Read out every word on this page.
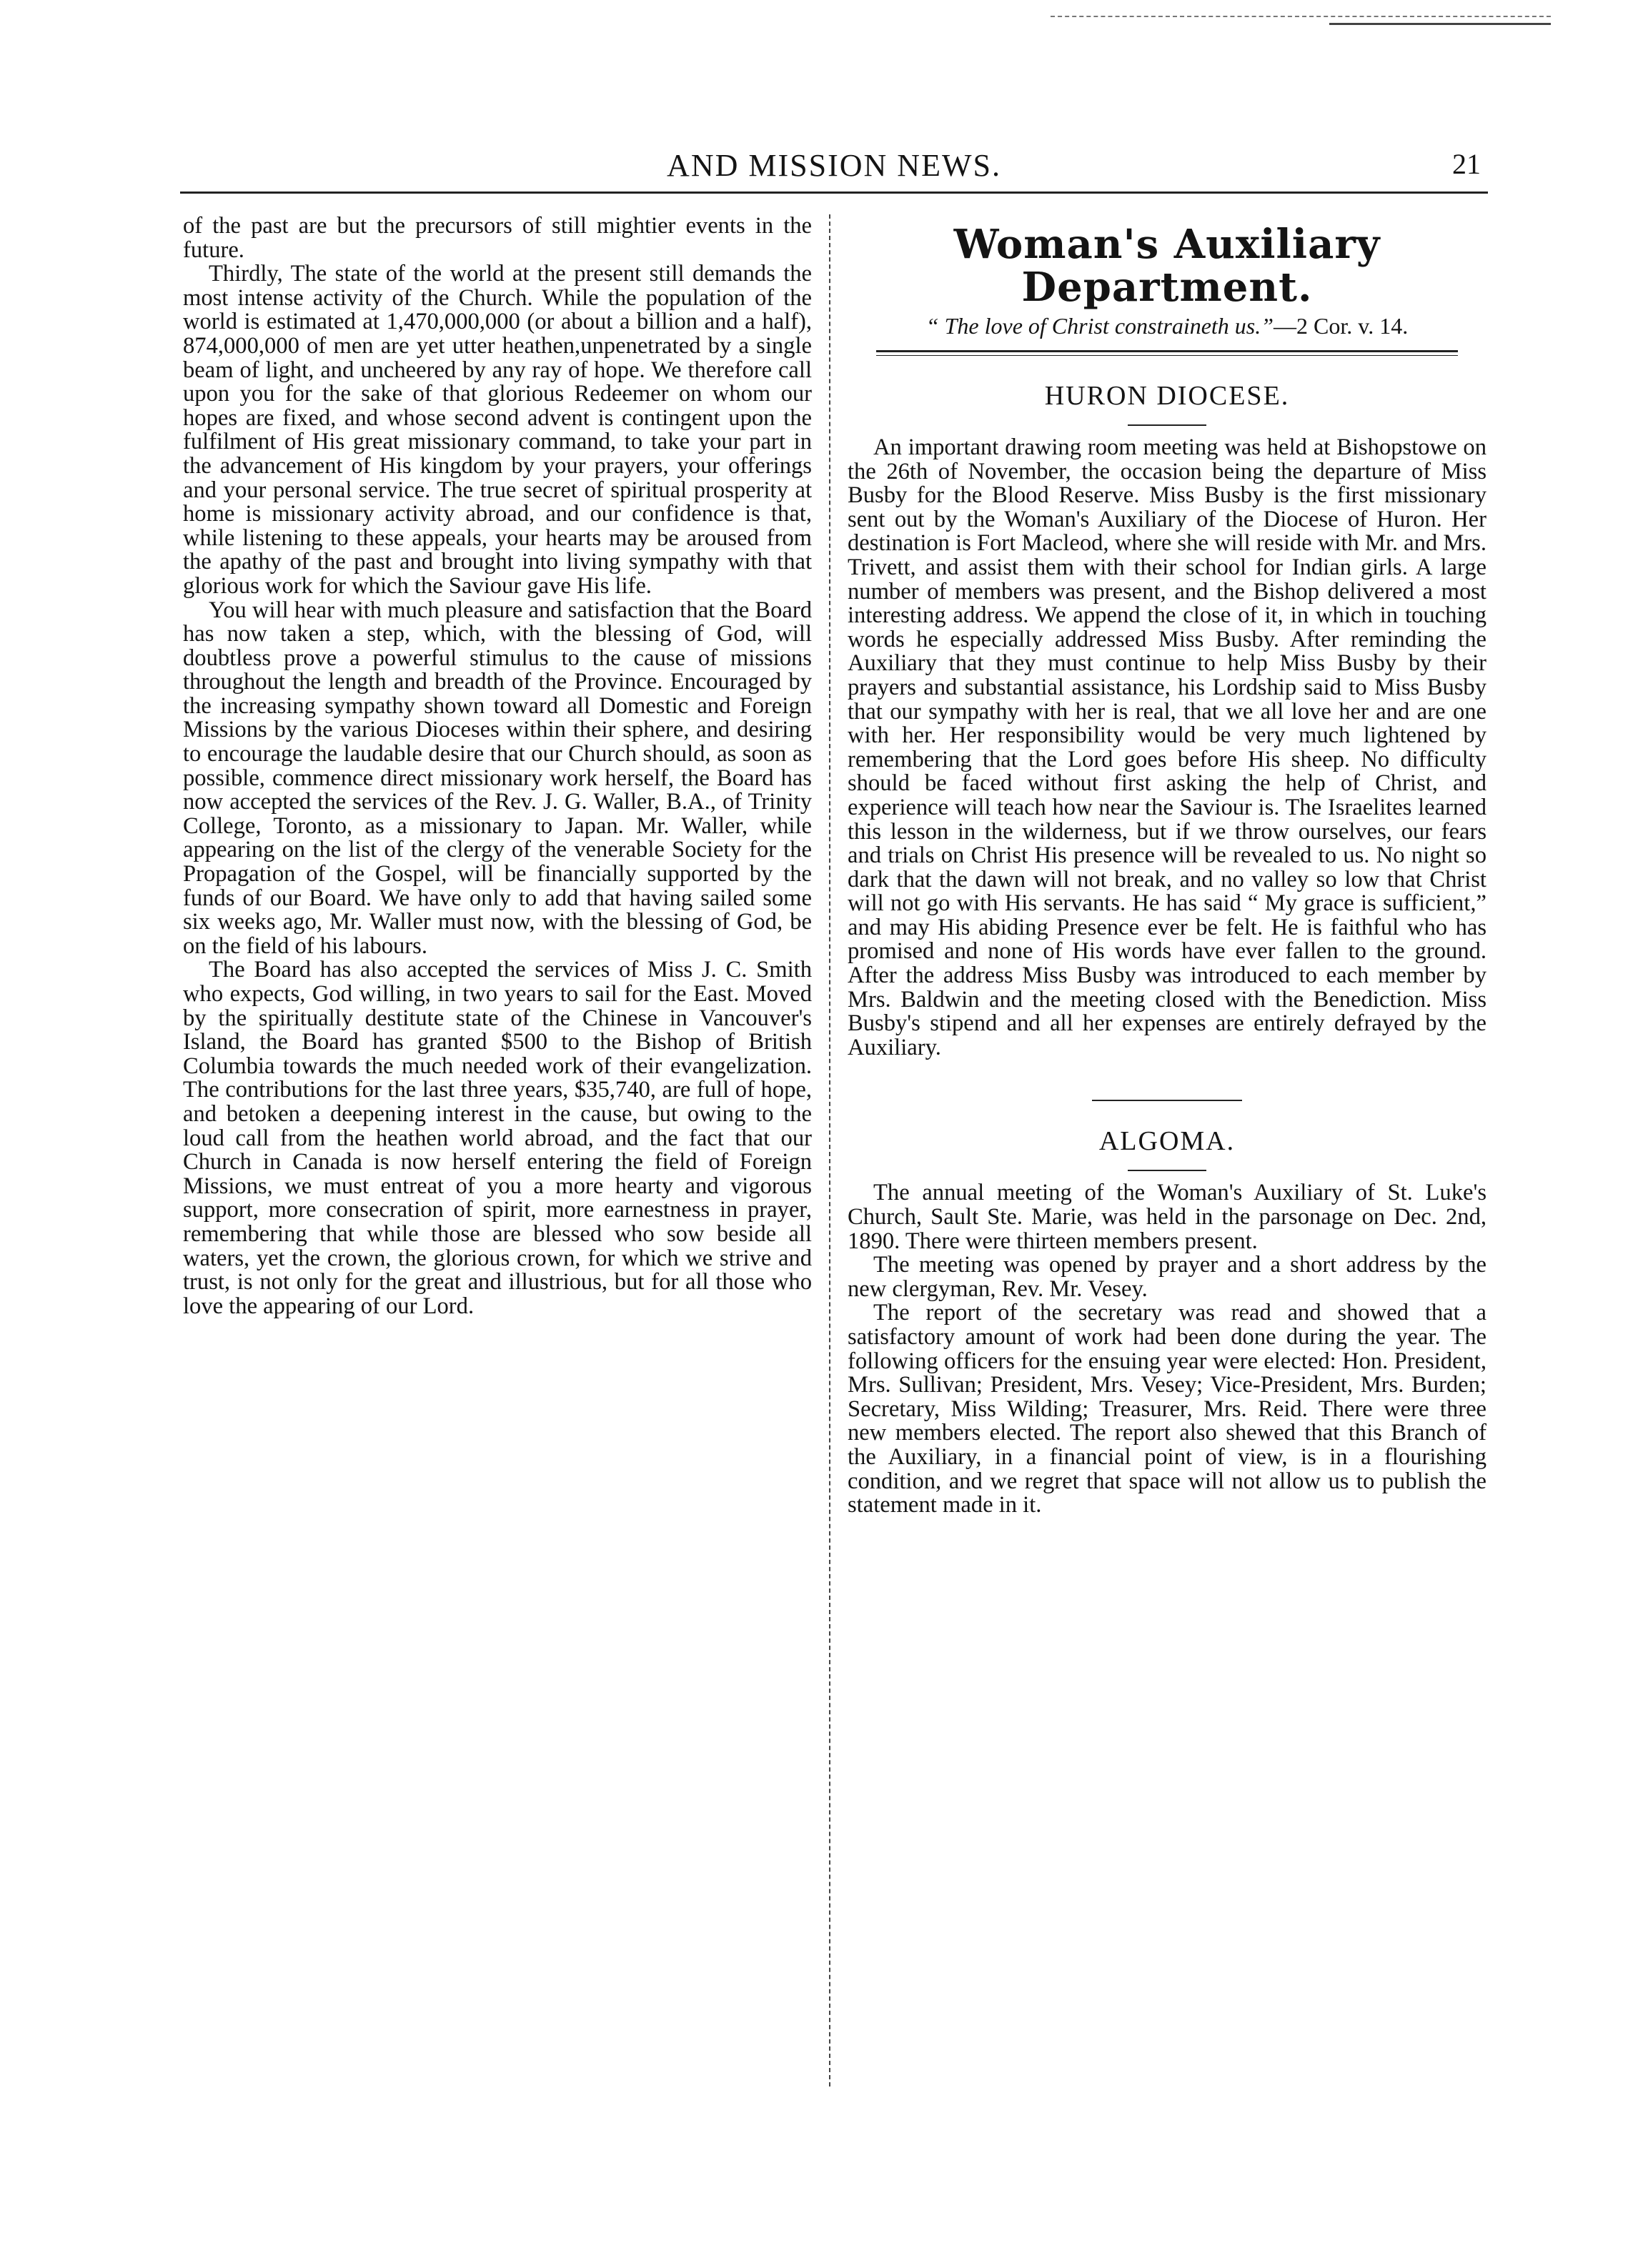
AND MISSION NEWS.	21

of the past are but the precursors of still mightier events in the future.

Thirdly, The state of the world at the present still demands the most intense activity of the Church. While the population of the world is estimated at 1,470,000,000 (or about a billion and a half), 874,000,000 of men are yet utter heathen,unpenetrated by a single beam of light, and uncheered by any ray of hope. We therefore call upon you for the sake of that glorious Redeemer on whom our hopes are fixed, and whose second advent is contingent upon the fulfilment of His great missionary command, to take your part in the advancement of His kingdom by your prayers, your offerings and your personal service. The true secret of spiritual prosperity at home is missionary activity abroad, and our confidence is that, while listening to these appeals, your hearts may be aroused from the apathy of the past and brought into living sympathy with that glorious work for which the Saviour gave His life.

You will hear with much pleasure and satisfaction that the Board has now taken a step, which, with the blessing of God, will doubtless prove a powerful stimulus to the cause of missions throughout the length and breadth of the Province. Encouraged by the increasing sympathy shown toward all Domestic and Foreign Missions by the various Dioceses within their sphere, and desiring to encourage the laudable desire that our Church should, as soon as possible, commence direct missionary work herself, the Board has now accepted the services of the Rev. J. G. Waller, B.A., of Trinity College, Toronto, as a missionary to Japan. Mr. Waller, while appearing on the list of the clergy of the venerable Society for the Propagation of the Gospel, will be financially supported by the funds of our Board. We have only to add that having sailed some six weeks ago, Mr. Waller must now, with the blessing of God, be on the field of his labours.

The Board has also accepted the services of Miss J. C. Smith who expects, God willing, in two years to sail for the East. Moved by the spiritually destitute state of the Chinese in Vancouver's Island, the Board has granted $500 to the Bishop of British Columbia towards the much needed work of their evangelization. The contributions for the last three years, $35,740, are full of hope, and betoken a deepening interest in the cause, but owing to the loud call from the heathen world abroad, and the fact that our Church in Canada is now herself entering the field of Foreign Missions, we must entreat of you a more hearty and vigorous support, more consecration of spirit, more earnestness in prayer, remembering that while those are blessed who sow beside all waters, yet the crown, the glorious crown, for which we strive and trust, is not only for the great and illustrious, but for all those who love the appearing of our Lord.

Woman's Auxiliary Department.
“ The love of Christ constraineth us.”—2 Cor. v. 14.
HURON DIOCESE.

An important drawing room meeting was held at Bishopstowe on the 26th of November, the occasion being the departure of Miss Busby for the Blood Reserve. Miss Busby is the first missionary sent out by the Woman's Auxiliary of the Diocese of Huron. Her destination is Fort Macleod, where she will reside with Mr. and Mrs. Trivett, and assist them with their school for Indian girls. A large number of members was present, and the Bishop delivered a most interesting address. We append the close of it, in which in touching words he especially addressed Miss Busby. After reminding the Auxiliary that they must continue to help Miss Busby by their prayers and substantial assistance, his Lordship said to Miss Busby that our sympathy with her is real, that we all love her and are one with her. Her responsibility would be very much lightened by remembering that the Lord goes before His sheep. No difficulty should be faced without first asking the help of Christ, and experience will teach how near the Saviour is. The Israelites learned this lesson in the wilderness, but if we throw ourselves, our fears and trials on Christ His presence will be revealed to us. No night so dark that the dawn will not break, and no valley so low that Christ will not go with His servants. He has said “ My grace is sufficient,” and may His abiding Presence ever be felt. He is faithful who has promised and none of His words have ever fallen to the ground. After the address Miss Busby was introduced to each member by Mrs. Baldwin and the meeting closed with the Benediction. Miss Busby's stipend and all her expenses are entirely defrayed by the Auxiliary.

ALGOMA.

The annual meeting of the Woman's Auxiliary of St. Luke's Church, Sault Ste. Marie, was held in the parsonage on Dec. 2nd, 1890. There were thirteen members present.

The meeting was opened by prayer and a short address by the new clergyman, Rev. Mr. Vesey.

The report of the secretary was read and showed that a satisfactory amount of work had been done during the year. The following officers for the ensuing year were elected: Hon. President, Mrs. Sullivan; President, Mrs. Vesey; Vice-President, Mrs. Burden; Secretary, Miss Wilding; Treasurer, Mrs. Reid. There were three new members elected. The report also shewed that this Branch of the Auxiliary, in a financial point of view, is in a flourishing condition, and we regret that space will not allow us to publish the statement made in it.
